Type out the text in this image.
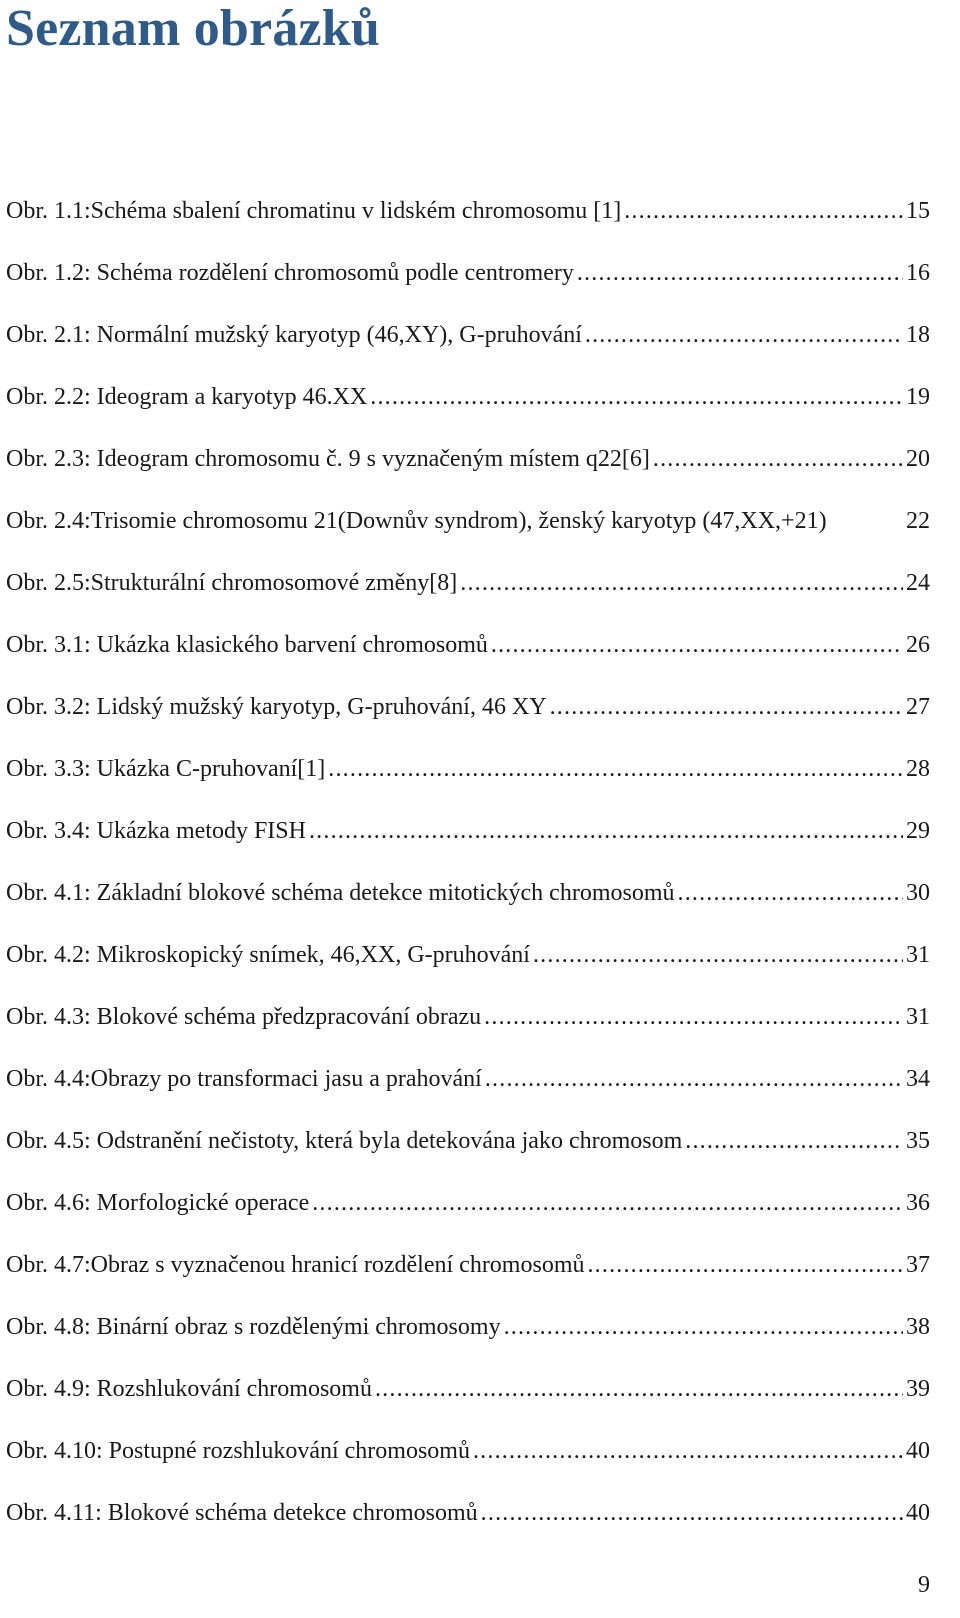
Seznam obrázků
Obr. 1.1:Schéma sbalení chromatinu v lidském chromosomu [1] .....	15
Obr. 1.2: Schéma rozdělení chromosomů podle centromery .....	16
Obr. 2.1: Normální mužský karyotyp (46,XY), G-pruhování .....	18
Obr. 2.2: Ideogram a karyotyp 46.XX .....	19
Obr. 2.3: Ideogram chromosomu č. 9 s vyznačeným místem q22[6] .....	20
Obr. 2.4:Trisomie chromosomu 21(Downův syndrom), ženský karyotyp (47,XX,+21)	22
Obr. 2.5:Strukturální chromosomové změny[8] .....	24
Obr. 3.1: Ukázka klasického barvení chromosomů .....	26
Obr. 3.2: Lidský mužský karyotyp, G-pruhování, 46 XY .....	27
Obr. 3.3: Ukázka C-pruhovaní[1] .....	28
Obr. 3.4: Ukázka metody FISH .....	29
Obr. 4.1: Základní blokové schéma detekce mitotických chromosomů .....	30
Obr. 4.2: Mikroskopický snímek, 46,XX, G-pruhování .....	31
Obr. 4.3: Blokové schéma předzpracování obrazu .....	31
Obr. 4.4:Obrazy po transformaci jasu a prahování .....	34
Obr. 4.5: Odstranění nečistoty, která byla detekována jako chromosom .....	35
Obr. 4.6: Morfologické operace .....	36
Obr. 4.7:Obraz s vyznačenou hranicí rozdělení chromosomů .....	37
Obr. 4.8: Binární obraz s rozdělenými chromosomy .....	38
Obr. 4.9: Rozshlukování chromosomů .....	39
Obr. 4.10: Postupné rozshlukování chromosomů .....	40
Obr. 4.11: Blokové schéma detekce chromosomů .....	40
9
